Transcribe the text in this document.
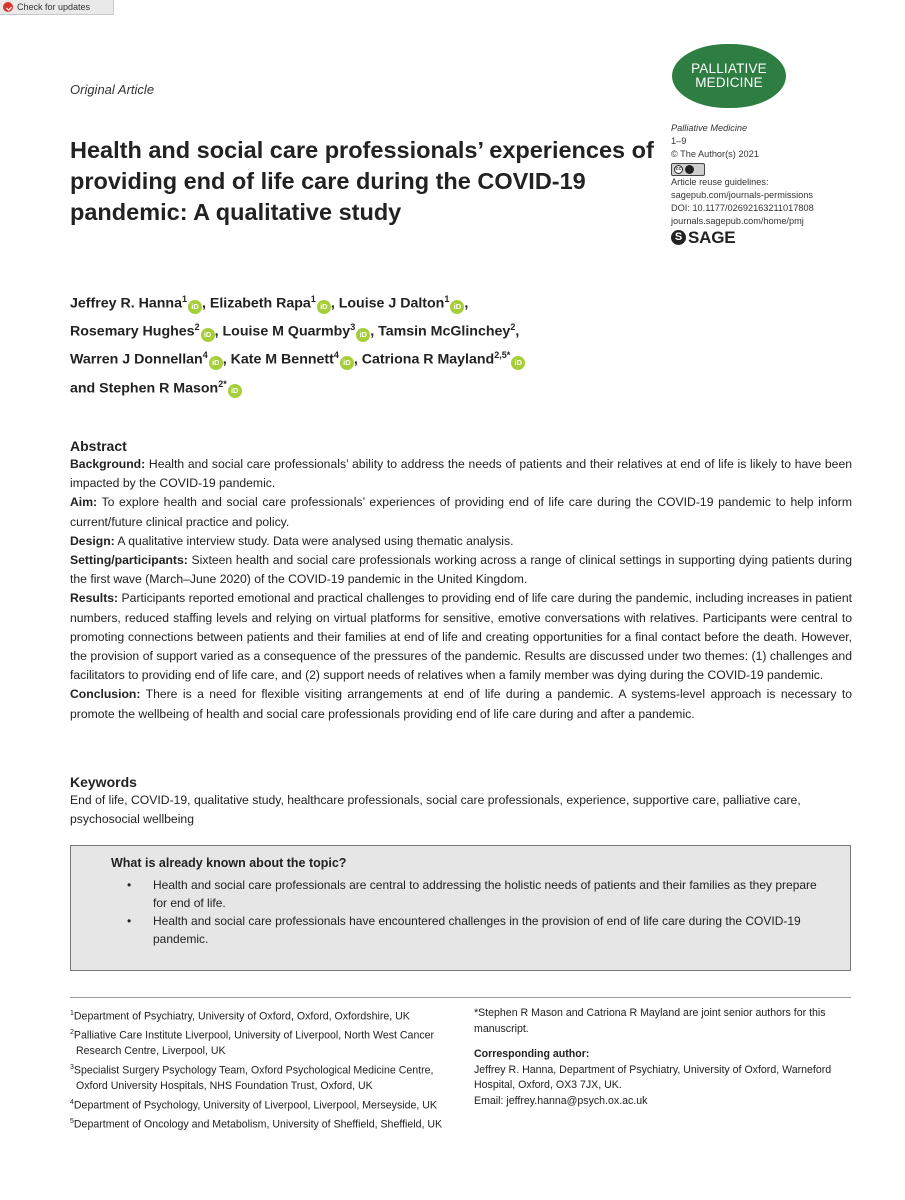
Check for updates
Original Article
PALLIATIVE
MEDICINE
Palliative Medicine
1–9
© The Author(s) 2021
cc
Article reuse guidelines:
sagepub.com/journals-permissions
DOI: 10.1177/02692163211017808
journals.sagepub.com/home/pmj
S SAGE
Health and social care professionals’ experiences of providing end of life care during the COVID-19 pandemic: A qualitative study
Jeffrey R. Hanna$^1$iD , Elizabeth Rapa$^1$iD , Louise J Dalton$^1$iD ,
Rosemary Hughes$^2$iD , Louise M Quarmby$^3$iD , Tamsin McGlinchey$^2$,
Warren J Donnellan$^4$iD , Kate M Bennett$^4$iD , Catriona R Mayland$^{2,5*}$iD
and Stephen R Mason$^{2*}$iD
Abstract

Background: Health and social care professionals’ ability to address the needs of patients and their relatives at end of life is likely to have been impacted by the COVID-19 pandemic.

Aim: To explore health and social care professionals’ experiences of providing end of life care during the COVID-19 pandemic to help inform current/future clinical practice and policy.

Design: A qualitative interview study. Data were analysed using thematic analysis.

Setting/participants: Sixteen health and social care professionals working across a range of clinical settings in supporting dying patients during the first wave (March–June 2020) of the COVID-19 pandemic in the United Kingdom.

Results: Participants reported emotional and practical challenges to providing end of life care during the pandemic, including increases in patient numbers, reduced staffing levels and relying on virtual platforms for sensitive, emotive conversations with relatives. Participants were central to promoting connections between patients and their families at end of life and creating opportunities for a final contact before the death. However, the provision of support varied as a consequence of the pressures of the pandemic. Results are discussed under two themes: (1) challenges and facilitators to providing end of life care, and (2) support needs of relatives when a family member was dying during the COVID-19 pandemic.

Conclusion: There is a need for flexible visiting arrangements at end of life during a pandemic. A systems-level approach is necessary to promote the wellbeing of health and social care professionals providing end of life care during and after a pandemic.

Keywords

End of life, COVID-19, qualitative study, healthcare professionals, social care professionals, experience, supportive care, palliative care, psychosocial wellbeing

What is already known about the topic?
• Health and social care professionals are central to addressing the holistic needs of patients and their families as they prepare for end of life.
• Health and social care professionals have encountered challenges in the provision of end of life care during the COVID-19 pandemic.

$^1$Department of Psychiatry, University of Oxford, Oxford, Oxfordshire, UK

$^2$Palliative Care Institute Liverpool, University of Liverpool, North West Cancer Research Centre, Liverpool, UK

$^3$Specialist Surgery Psychology Team, Oxford Psychological Medicine Centre, Oxford University Hospitals, NHS Foundation Trust, Oxford, UK

$^4$Department of Psychology, University of Liverpool, Liverpool, Merseyside, UK

$^5$Department of Oncology and Metabolism, University of Sheffield, Sheffield, UK

*Stephen R Mason and Catriona R Mayland are joint senior authors for this manuscript.

Corresponding author:

Jeffrey R. Hanna, Department of Psychiatry, University of Oxford, Warneford Hospital, Oxford, OX3 7JX, UK.

Email: jeffrey.hanna@psych.ox.ac.uk
